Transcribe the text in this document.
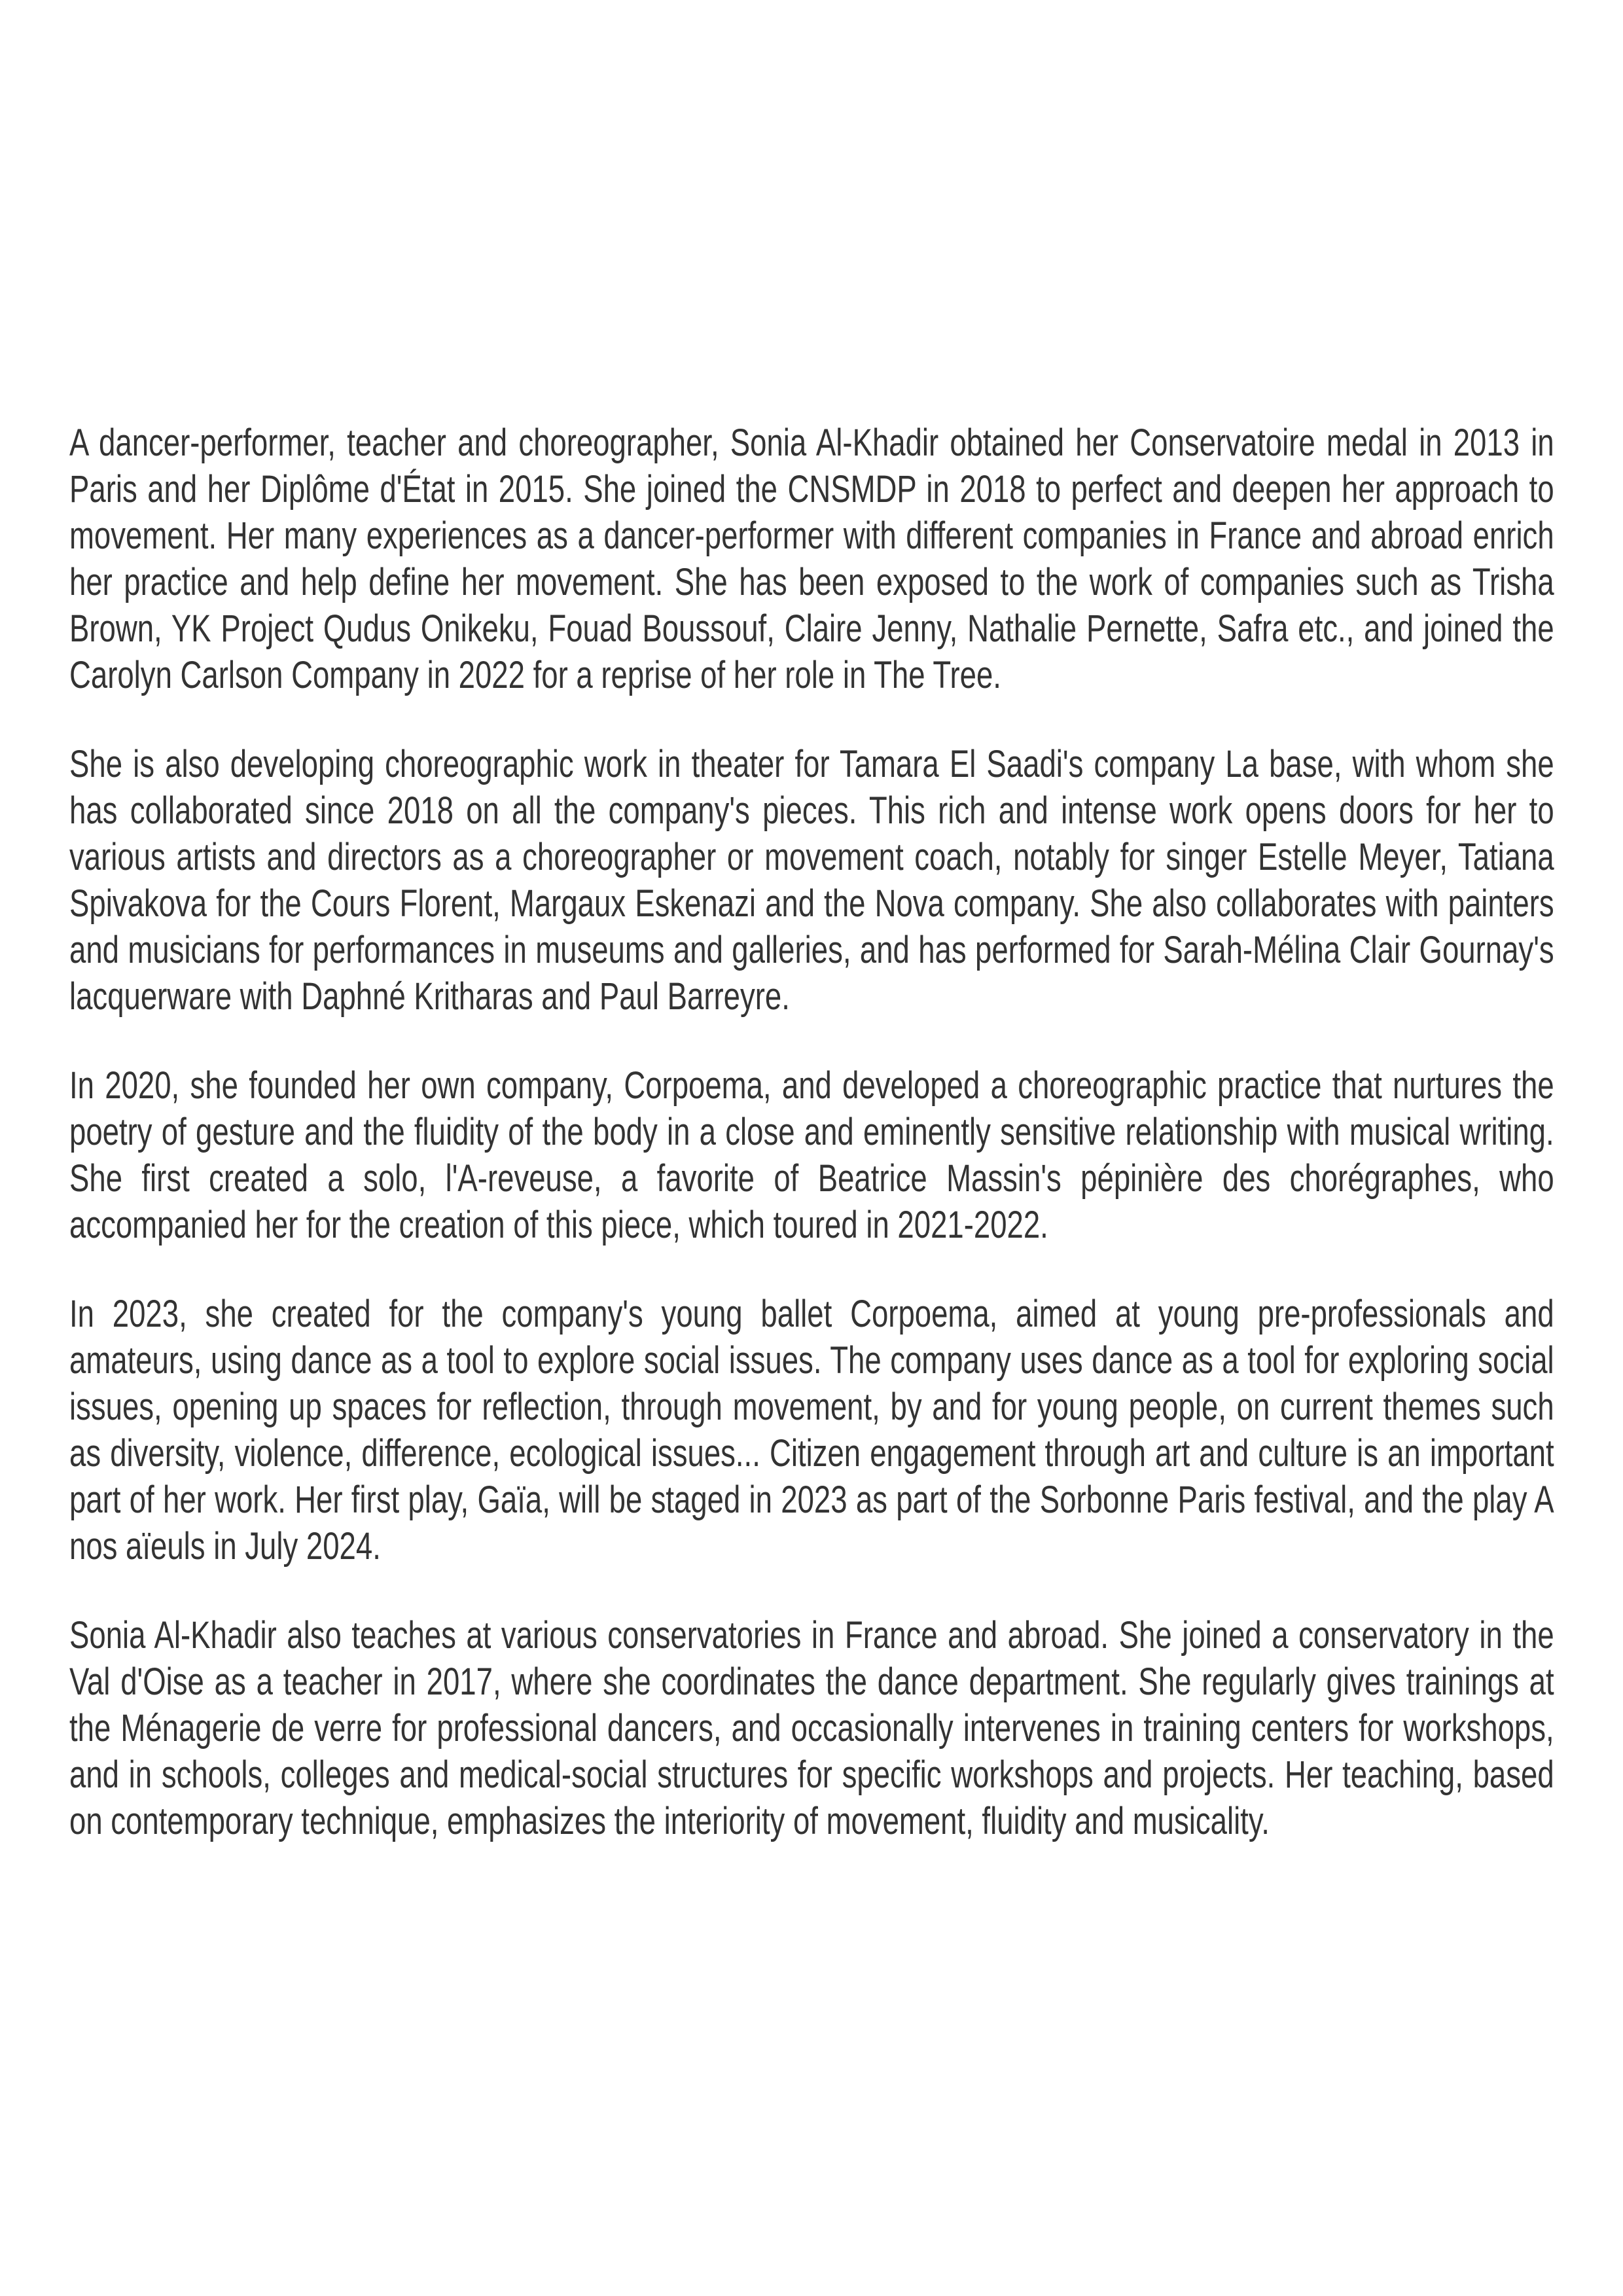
A dancer-performer, teacher and choreographer, Sonia Al-Khadir obtained her Conservatoire medal in 2013 in Paris and her Diplôme d'État in 2015. She joined the CNSMDP in 2018 to perfect and deepen her approach to movement. Her many experiences as a dancer-performer with different companies in France and abroad enrich her practice and help define her movement. She has been exposed to the work of companies such as Trisha Brown, YK Project Qudus Onikeku, Fouad Boussouf, Claire Jenny, Nathalie Pernette, Safra etc., and joined the Carolyn Carlson Company in 2022 for a reprise of her role in The Tree.

She is also developing choreographic work in theater for Tamara El Saadi's company La base, with whom she has collaborated since 2018 on all the company's pieces. This rich and intense work opens doors for her to various artists and directors as a choreographer or movement coach, notably for singer Estelle Meyer, Tatiana Spivakova for the Cours Florent, Margaux Eskenazi and the Nova company. She also collaborates with painters and musicians for performances in museums and galleries, and has performed for Sarah-Mélina Clair Gournay's lacquerware with Daphné Kritharas and Paul Barreyre.

In 2020, she founded her own company, Corpoema, and developed a choreographic practice that nurtures the poetry of gesture and the fluidity of the body in a close and eminently sensitive relationship with musical writing. She first created a solo, l'A-reveuse, a favorite of Beatrice Massin's pépinière des chorégraphes, who accompanied her for the creation of this piece, which toured in 2021-2022.

In 2023, she created for the company's young ballet Corpoema, aimed at young pre-professionals and amateurs, using dance as a tool to explore social issues. The company uses dance as a tool for exploring social issues, opening up spaces for reflection, through movement, by and for young people, on current themes such as diversity, violence, difference, ecological issues... Citizen engagement through art and culture is an important part of her work. Her first play, Gaïa, will be staged in 2023 as part of the Sorbonne Paris festival, and the play A nos aïeuls in July 2024.

Sonia Al-Khadir also teaches at various conservatories in France and abroad. She joined a conservatory in the Val d'Oise as a teacher in 2017, where she coordinates the dance department. She regularly gives trainings at the Ménagerie de verre for professional dancers, and occasionally intervenes in training centers for workshops, and in schools, colleges and medical-social structures for specific workshops and projects. Her teaching, based on contemporary technique, emphasizes the interiority of movement, fluidity and musicality.
